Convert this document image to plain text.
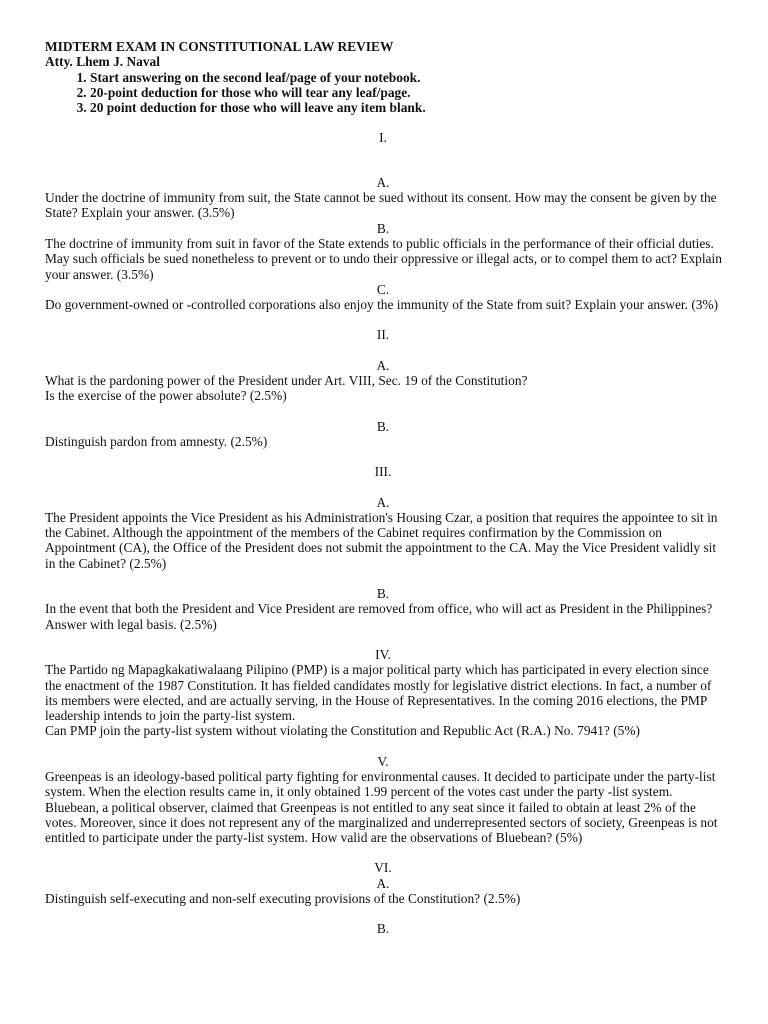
MIDTERM EXAM IN CONSTITUTIONAL LAW REVIEW
Atty. Lhem J. Naval
1. Start answering on the second leaf/page of your notebook.
2. 20-point deduction for those who will tear any leaf/page.
3. 20 point deduction for those who will leave any item blank.
I.
A.

Under the doctrine of immunity from suit, the State cannot be sued without its consent. How may the consent be given by the State? Explain your answer. (3.5%)

B.

The doctrine of immunity from suit in favor of the State extends to public officials in the performance of their official duties. May such officials be sued nonetheless to prevent or to undo their oppressive or illegal acts, or to compel them to act? Explain your answer. (3.5%)

C.

Do government-owned or -controlled corporations also enjoy the immunity of the State from suit? Explain your answer. (3%)

II.
A.

What is the pardoning power of the President under Art. VIII, Sec. 19 of the Constitution?

Is the exercise of the power absolute? (2.5%)

B.

Distinguish pardon from amnesty. (2.5%)

III.
A.

The President appoints the Vice President as his Administration's Housing Czar, a position that requires the appointee to sit in the Cabinet. Although the appointment of the members of the Cabinet requires confirmation by the Commission on Appointment (CA), the Office of the President does not submit the appointment to the CA. May the Vice President validly sit in the Cabinet? (2.5%)

B.

In the event that both the President and Vice President are removed from office, who will act as President in the Philippines? Answer with legal basis. (2.5%)

IV.

The Partido ng Mapagkakatiwalaang Pilipino (PMP) is a major political party which has participated in every election since the enactment of the 1987 Constitution. It has fielded candidates mostly for legislative district elections. In fact, a number of its members were elected, and are actually serving, in the House of Representatives. In the coming 2016 elections, the PMP leadership intends to join the party-list system.

Can PMP join the party-list system without violating the Constitution and Republic Act (R.A.) No. 7941? (5%)

V.

Greenpeas is an ideology-based political party fighting for environmental causes. It decided to participate under the party-list system. When the election results came in, it only obtained 1.99 percent of the votes cast under the party -list system. Bluebean, a political observer, claimed that Greenpeas is not entitled to any seat since it failed to obtain at least 2% of the votes. Moreover, since it does not represent any of the marginalized and underrepresented sectors of society, Greenpeas is not entitled to participate under the party-list system. How valid are the observations of Bluebean? (5%)

VI.
A.

Distinguish self-executing and non-self executing provisions of the Constitution? (2.5%)

B.
